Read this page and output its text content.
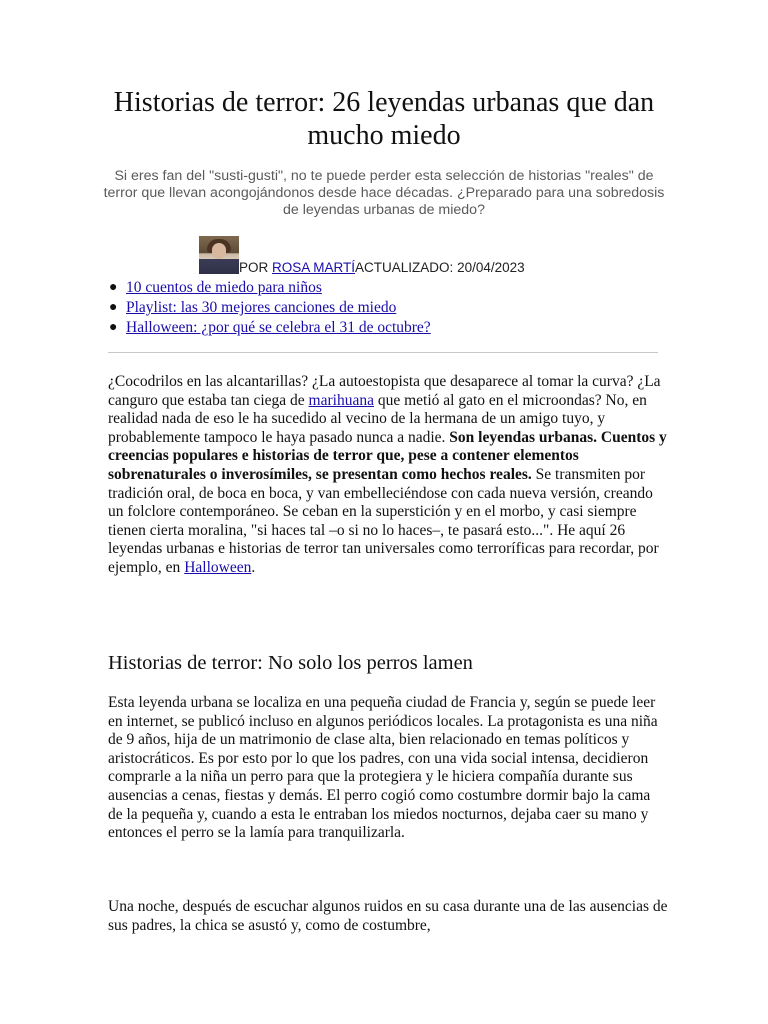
Historias de terror: 26 leyendas urbanas que dan mucho miedo

Si eres fan del "susti-gusti", no te puede perder esta selección de historias "reales" de terror que llevan acongojándonos desde hace décadas. ¿Preparado para una sobredosis de leyendas urbanas de miedo?

POR ROSA MARTÍACTUALIZADO: 20/04/2023
● 10 cuentos de miedo para niños
● Playlist: las 30 mejores canciones de miedo
● Halloween: ¿por qué se celebra el 31 de octubre?

¿Cocodrilos en las alcantarillas? ¿La autoestopista que desaparece al tomar la curva? ¿La canguro que estaba tan ciega de marihuana que metió al gato en el microondas? No, en realidad nada de eso le ha sucedido al vecino de la hermana de un amigo tuyo, y probablemente tampoco le haya pasado nunca a nadie. Son leyendas urbanas. Cuentos y creencias populares e historias de terror que, pese a contener elementos sobrenaturales o inverosímiles, se presentan como hechos reales. Se transmiten por tradición oral, de boca en boca, y van embelleciéndose con cada nueva versión, creando un folclore contemporáneo. Se ceban en la superstición y en el morbo, y casi siempre tienen cierta moralina, "si haces tal –o si no lo haces–, te pasará esto...". He aquí 26 leyendas urbanas e historias de terror tan universales como terroríficas para recordar, por ejemplo, en Halloween.

Historias de terror: No solo los perros lamen

Esta leyenda urbana se localiza en una pequeña ciudad de Francia y, según se puede leer en internet, se publicó incluso en algunos periódicos locales. La protagonista es una niña de 9 años, hija de un matrimonio de clase alta, bien relacionado en temas políticos y aristocráticos. Es por esto por lo que los padres, con una vida social intensa, decidieron comprarle a la niña un perro para que la protegiera y le hiciera compañía durante sus ausencias a cenas, fiestas y demás. El perro cogió como costumbre dormir bajo la cama de la pequeña y, cuando a esta le entraban los miedos nocturnos, dejaba caer su mano y entonces el perro se la lamía para tranquilizarla.

Una noche, después de escuchar algunos ruidos en su casa durante una de las ausencias de sus padres, la chica se asustó y, como de costumbre,
